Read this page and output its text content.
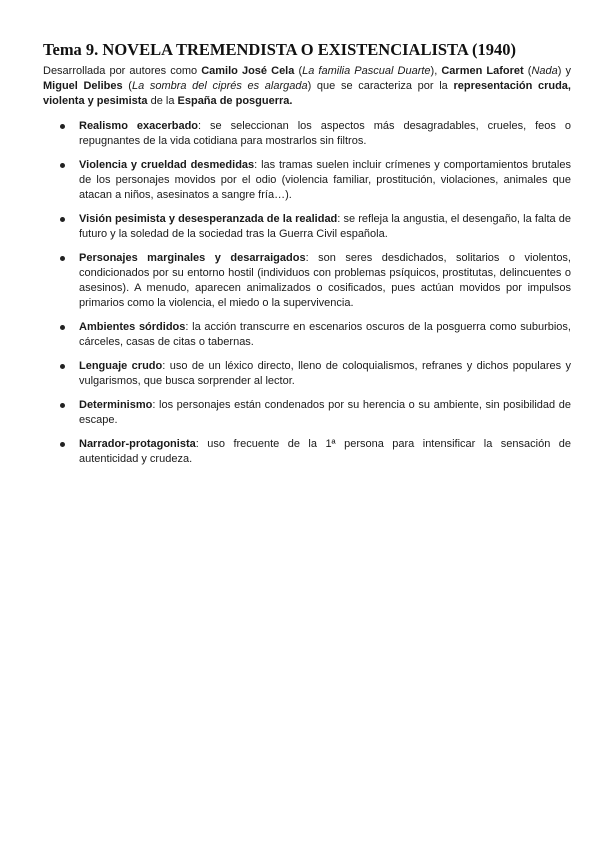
Tema 9. NOVELA TREMENDISTA O EXISTENCIALISTA (1940)

Desarrollada por autores como Camilo José Cela (La familia Pascual Duarte), Carmen Laforet (Nada) y Miguel Delibes (La sombra del ciprés es alargada) que se caracteriza por la representación cruda, violenta y pesimista de la España de posguerra.

Realismo exacerbado: se seleccionan los aspectos más desagradables, crueles, feos o repugnantes de la vida cotidiana para mostrarlos sin filtros.
Violencia y crueldad desmedidas: las tramas suelen incluir crímenes y comportamientos brutales de los personajes movidos por el odio (violencia familiar, prostitución, violaciones, animales que atacan a niños, asesinatos a sangre fría…).
Visión pesimista y desesperanzada de la realidad: se refleja la angustia, el desengaño, la falta de futuro y la soledad de la sociedad tras la Guerra Civil española.
Personajes marginales y desarraigados: son seres desdichados, solitarios o violentos, condicionados por su entorno hostil (individuos con problemas psíquicos, prostitutas, delincuentes o asesinos). A menudo, aparecen animalizados o cosificados, pues actúan movidos por impulsos primarios como la violencia, el miedo o la supervivencia.
Ambientes sórdidos: la acción transcurre en escenarios oscuros de la posguerra como suburbios, cárceles, casas de citas o tabernas.
Lenguaje crudo: uso de un léxico directo, lleno de coloquialismos, refranes y dichos populares y vulgarismos, que busca sorprender al lector.
Determinismo: los personajes están condenados por su herencia o su ambiente, sin posibilidad de escape.
Narrador-protagonista: uso frecuente de la 1ª persona para intensificar la sensación de autenticidad y crudeza.
